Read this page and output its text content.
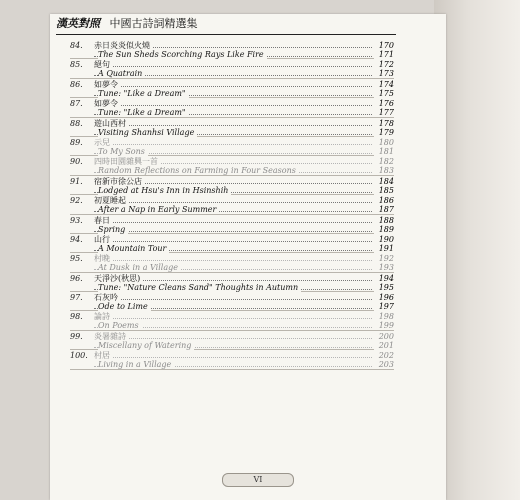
漢英對照 中國古詩詞精選集
84. 赤日炎炎似火燒	170
The Sun Sheds Scorching Rays Like Fire	171
85. 絕句	172
A Quatrain	173
86. 如夢令	174
Tune: "Like a Dream"	175
87. 如夢令	176
Tune: "Like a Dream"	177
88. 遊山西村	178
Visiting Shanhsi Village	179
89. 示兒	180
To My Sons	181
90. 四時田園雜興一首	182
Random Reflections on Farming in Four Seasons	183
91. 宿新市徐公店	184
Lodged at Hsu's Inn in Hsinshih	185
92. 初夏睡起	186
After a Nap in Early Summer	187
93. 春日	188
Spring	189
94. 山行	190
A Mountain Tour	191
95. 村晚	192
At Dusk in a Village	193
96. 天淨沙(秋思)	194
Tune: "Nature Cleans Sand" Thoughts in Autumn	195
97. 石灰吟	196
Ode to Lime	197
98. 論詩	198
On Poems	199
99. 炎暑雜詩	200
Miscellany of Watering	201
100. 村居	202
Living in a Village	203
VI
